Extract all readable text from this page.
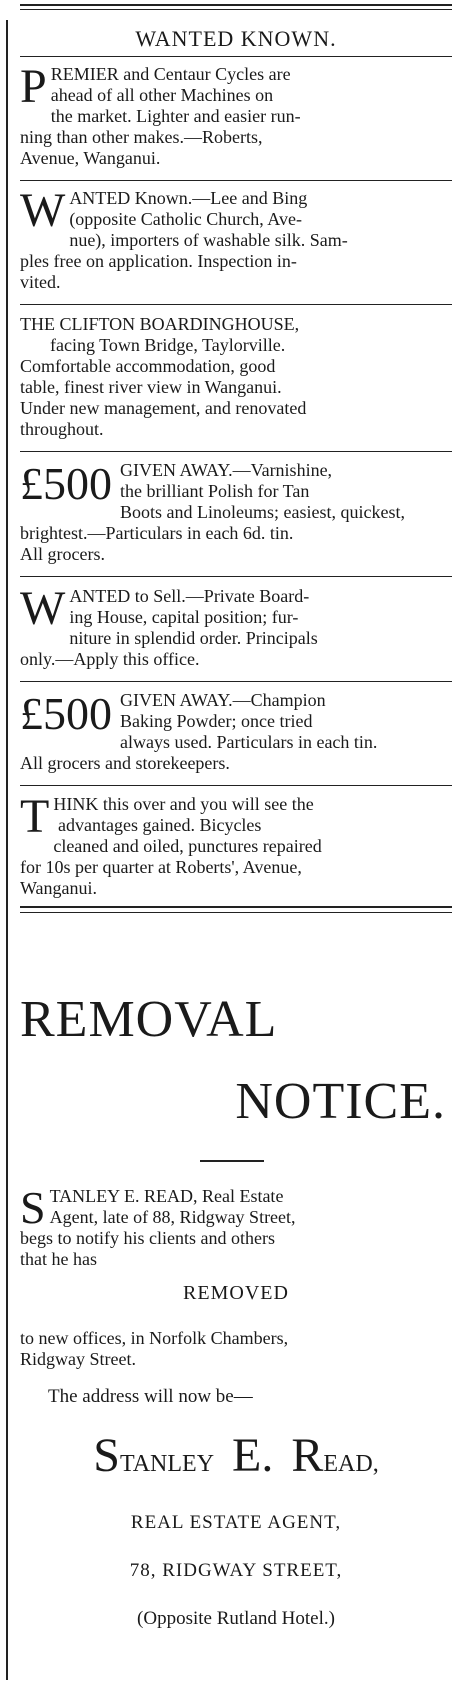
WANTED KNOWN.
P REMIER and Centaur Cycles are
ahead of all other Machines on
the market. Lighter and easier run-
ning than other makes.—Roberts,
Avenue, Wanganui.
W ANTED Known.—Lee and Bing
(opposite Catholic Church, Ave-
nue), importers of washable silk. Sam-
ples free on application. Inspection in-
vited.
THE CLIFTON BOARDINGHOUSE,
facing Town Bridge, Taylorville.
Comfortable accommodation, good
table, finest river view in Wanganui.
Under new management, and renovated
throughout.
£500 GIVEN AWAY.—Varnishine,
the brilliant Polish for Tan
Boots and Linoleums; easiest, quickest,
brightest.—Particulars in each 6d. tin.
All grocers.
W ANTED to Sell.—Private Board-
ing House, capital position; fur-
niture in splendid order. Principals
only.—Apply this office.
£500 GIVEN AWAY.—Champion
Baking Powder; once tried
always used. Particulars in each tin.
All grocers and storekeepers.
T HINK this over and you will see the
advantages gained. Bicycles
cleaned and oiled, punctures repaired
for 10s per quarter at Roberts', Avenue,
Wanganui.
REMOVAL
NOTICE.
S TANLEY E. READ, Real Estate
Agent, late of 88, Ridgway Street,
begs to notify his clients and others
that he has
REMOVED
to new offices, in Norfolk Chambers,
Ridgway Street.
The address will now be—
STANLEY E. READ,
REAL ESTATE AGENT,
78, RIDGWAY STREET,
(Opposite Rutland Hotel.)
